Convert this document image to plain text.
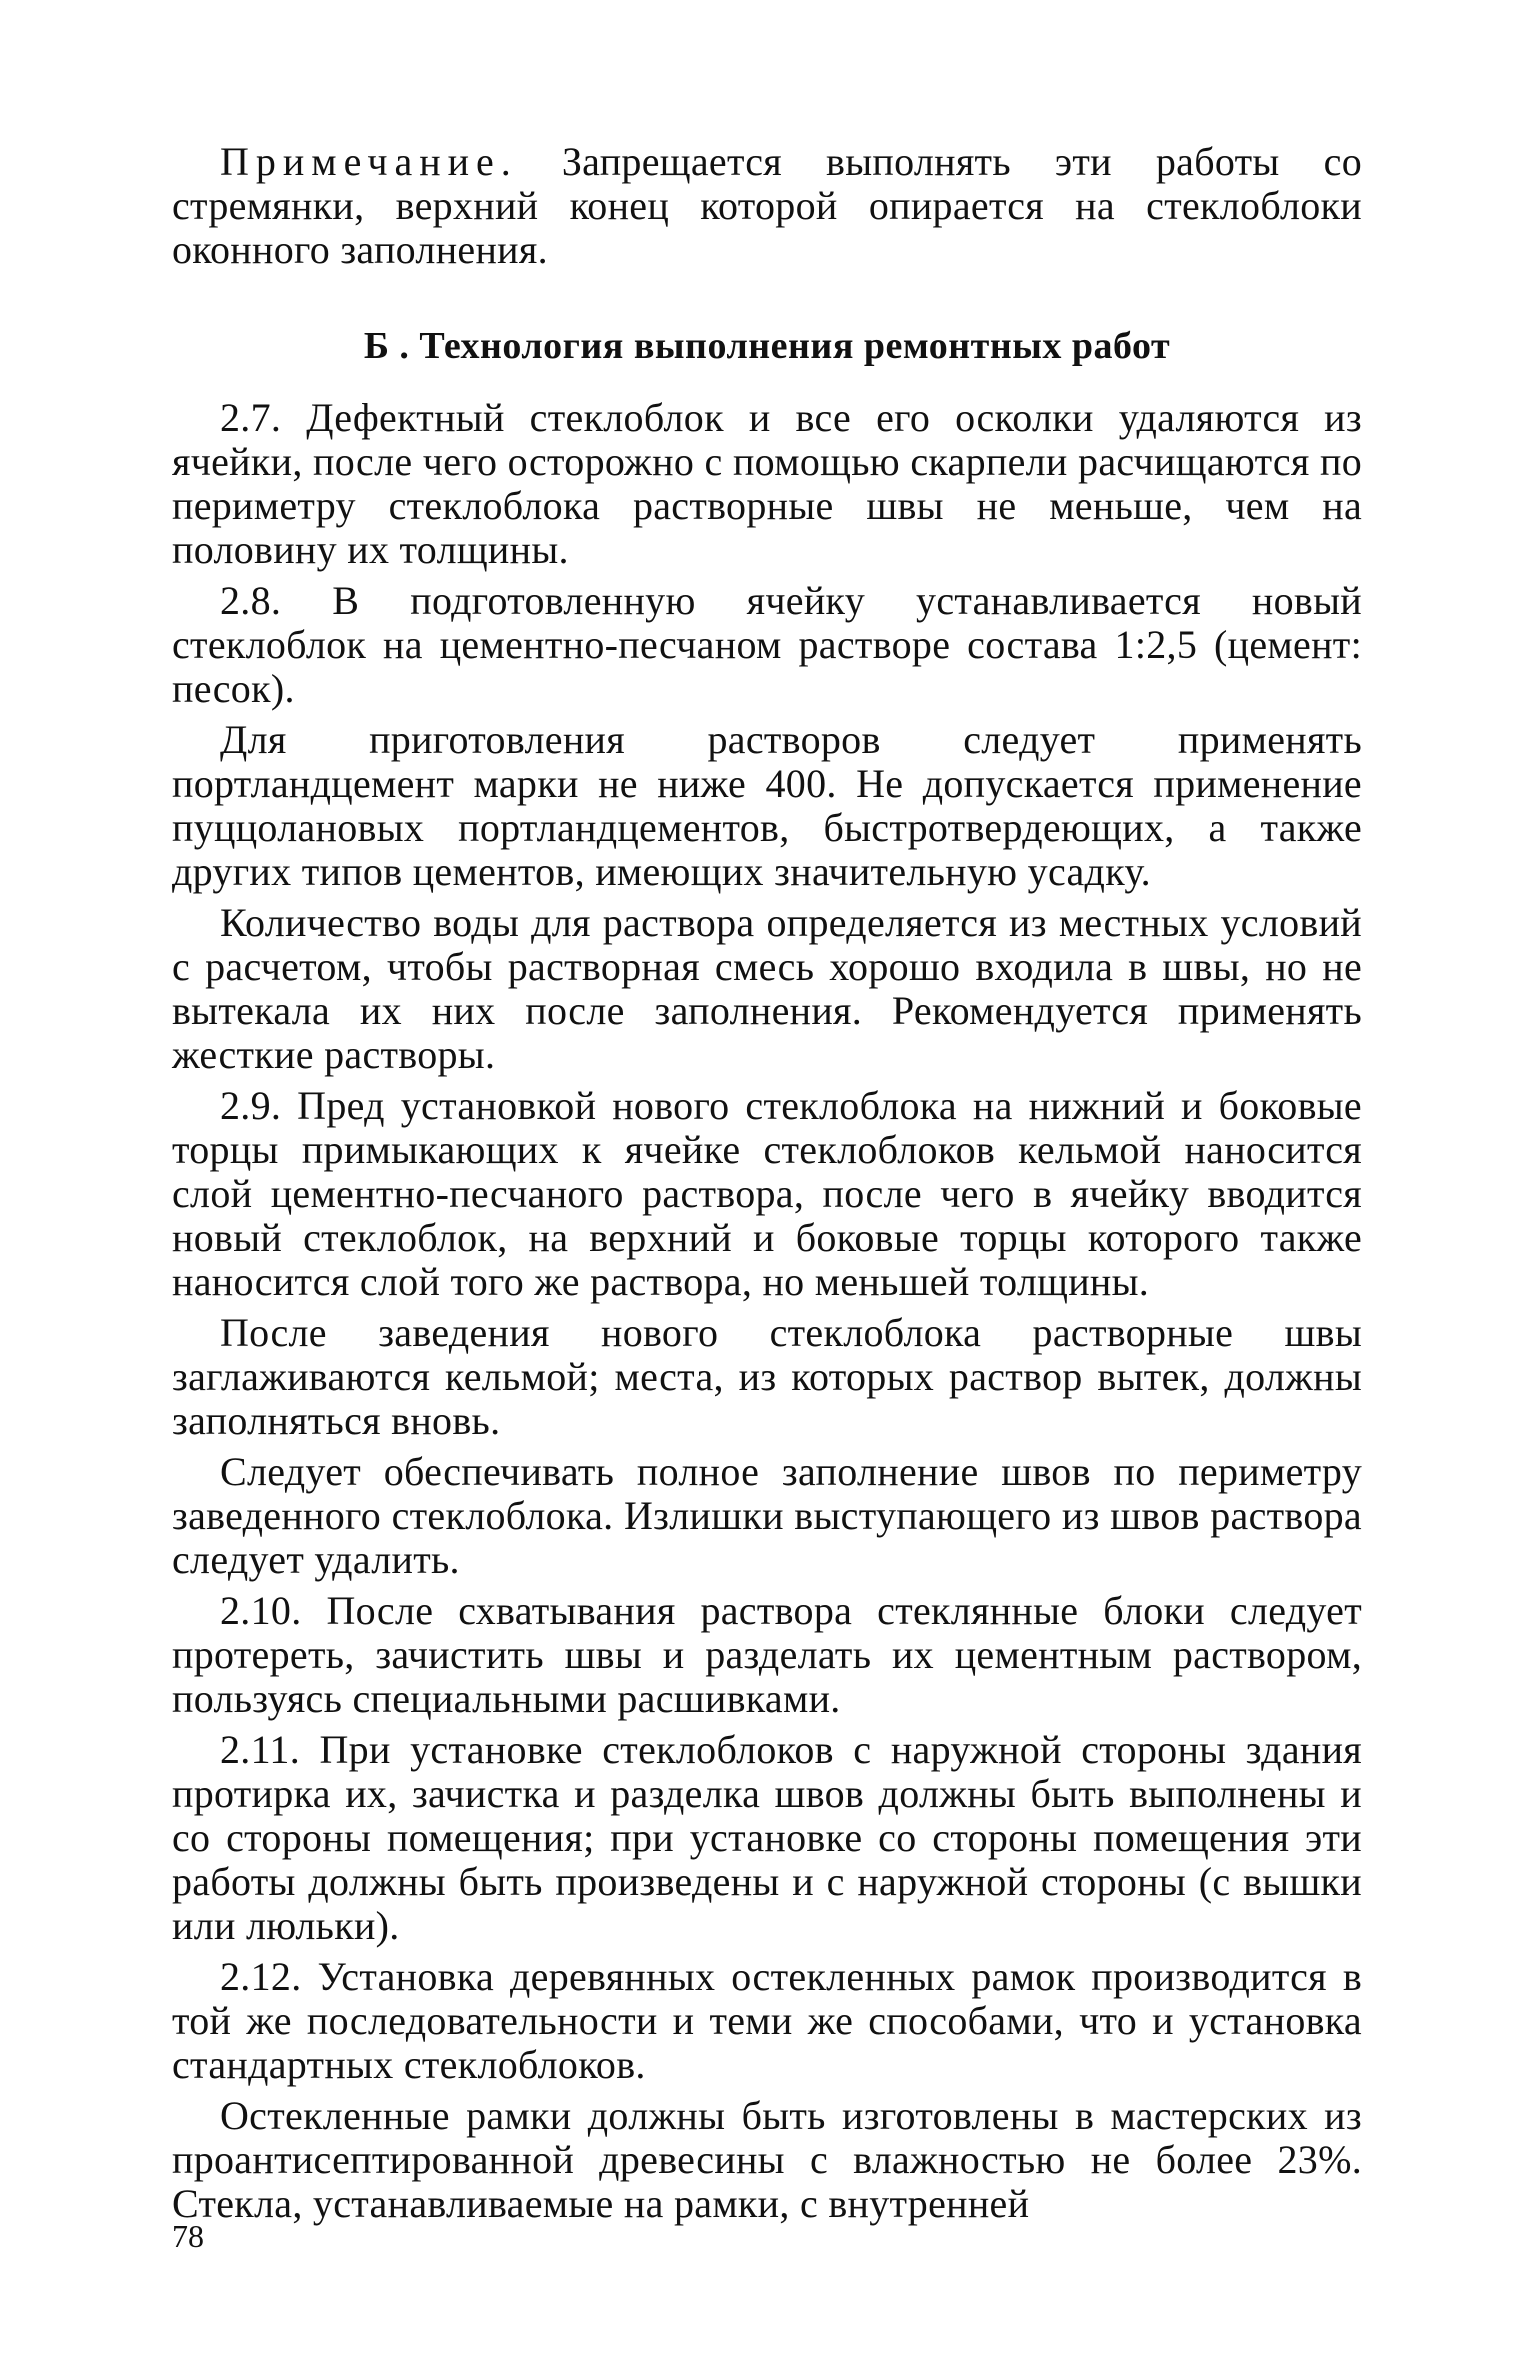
Примечание. Запрещается выполнять эти работы со стремянки, верхний конец которой опирается на стеклоблоки оконного заполнения.

Б . Технология выполнения ремонтных работ

2.7. Дефектный стеклоблок и все его осколки удаляются из ячейки, после чего осторожно с помощью скарпели расчищаются по периметру стеклоблока растворные швы не меньше, чем на половину их толщины.

2.8. В подготовленную ячейку устанавливается новый стеклоблок на цементно-песчаном растворе состава 1:2,5 (цемент: песок).

Для приготовления растворов следует применять портландцемент марки не ниже 400. Не допускается применение пуццолановых портландцементов, быстротвердеющих, а также других типов цементов, имеющих значительную усадку.

Количество воды для раствора определяется из местных условий с расчетом, чтобы растворная смесь хорошо входила в швы, но не вытекала их них после заполнения. Рекомендуется применять жесткие растворы.

2.9. Пред установкой нового стеклоблока на нижний и боковые торцы примыкающих к ячейке стеклоблоков кельмой наносится слой цементно-песчаного раствора, после чего в ячейку вводится новый стеклоблок, на верхний и боковые торцы которого также наносится слой того же раствора, но меньшей толщины.

После заведения нового стеклоблока растворные швы заглаживаются кельмой; места, из которых раствор вытек, должны заполняться вновь.

Следует обеспечивать полное заполнение швов по периметру заведенного стеклоблока. Излишки выступающего из швов раствора следует удалить.

2.10. После схватывания раствора стеклянные блоки следует протереть, зачистить швы и разделать их цементным раствором, пользуясь специальными расшивками.

2.11. При установке стеклоблоков с наружной стороны здания протирка их, зачистка и разделка швов должны быть выполнены и со стороны помещения; при установке со стороны помещения эти работы должны быть произведены и с наружной стороны (с вышки или люльки).

2.12. Установка деревянных остекленных рамок производится в той же последовательности и теми же способами, что и установка стандартных стеклоблоков.

Остекленные рамки должны быть изготовлены в мастерских из проантисептированной древесины с влажностью не более 23%. Стекла, устанавливаемые на рамки, с внутренней

78
